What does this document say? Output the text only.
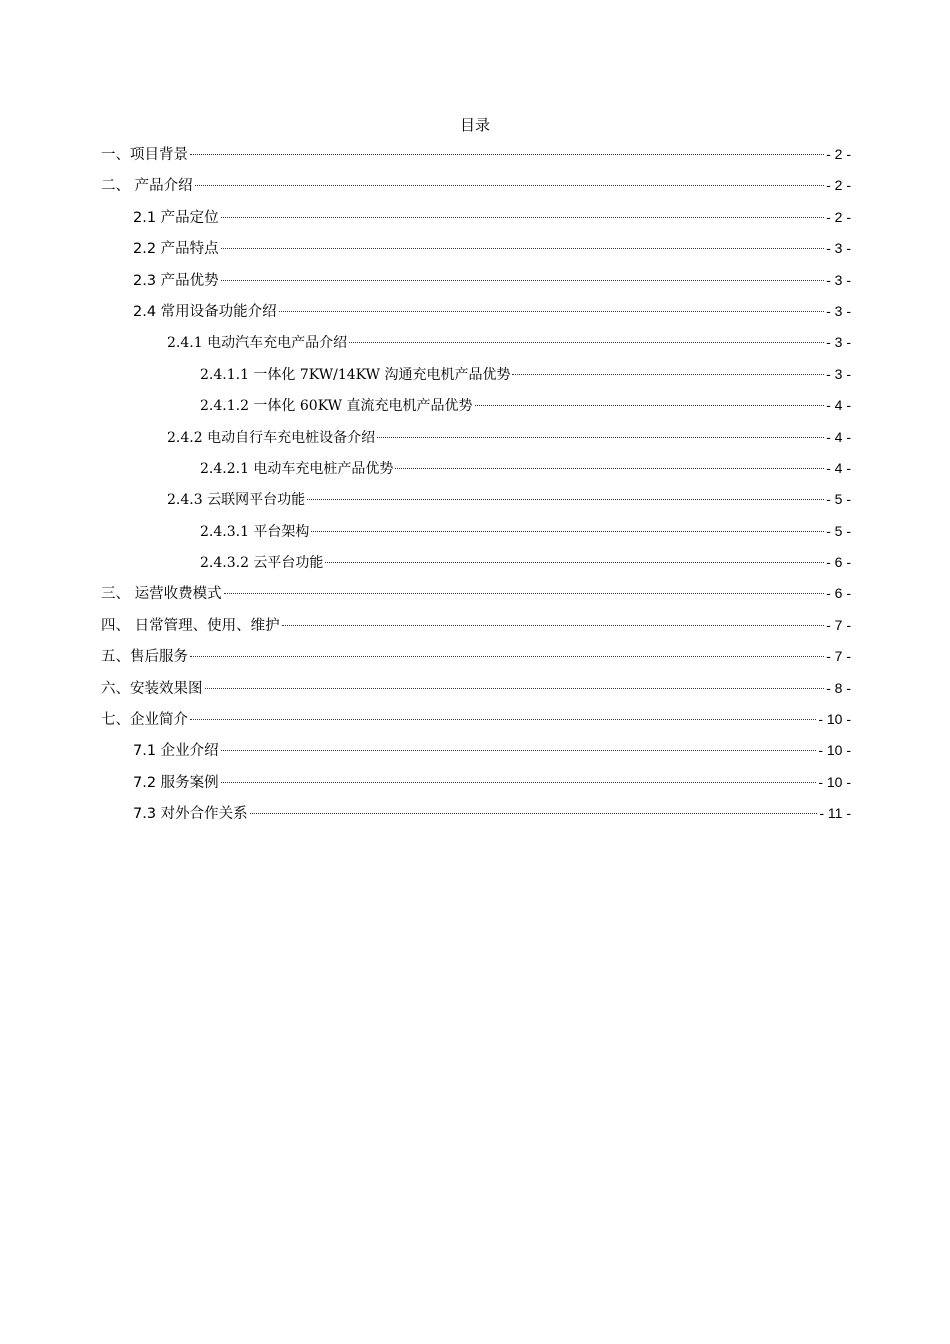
目录
一、项目背景	- 2 -
二、 产品介绍	- 2 -
2.1 产品定位	- 2 -
2.2 产品特点	- 3 -
2.3 产品优势	- 3 -
2.4 常用设备功能介绍	- 3 -
2.4.1 电动汽车充电产品介绍	- 3 -
2.4.1.1 一体化 7KW/14KW 沟通充电机产品优势	- 3 -
2.4.1.2 一体化 60KW 直流充电机产品优势	- 4 -
2.4.2 电动自行车充电桩设备介绍	- 4 -
2.4.2.1 电动车充电桩产品优势	- 4 -
2.4.3 云联网平台功能	- 5 -
2.4.3.1 平台架构	- 5 -
2.4.3.2 云平台功能	- 6 -
三、 运营收费模式	- 6 -
四、 日常管理、使用、维护	- 7 -
五、售后服务	- 7 -
六、安装效果图	- 8 -
七、企业简介	- 10 -
7.1 企业介绍	- 10 -
7.2 服务案例	- 10 -
7.3 对外合作关系	- 11 -
